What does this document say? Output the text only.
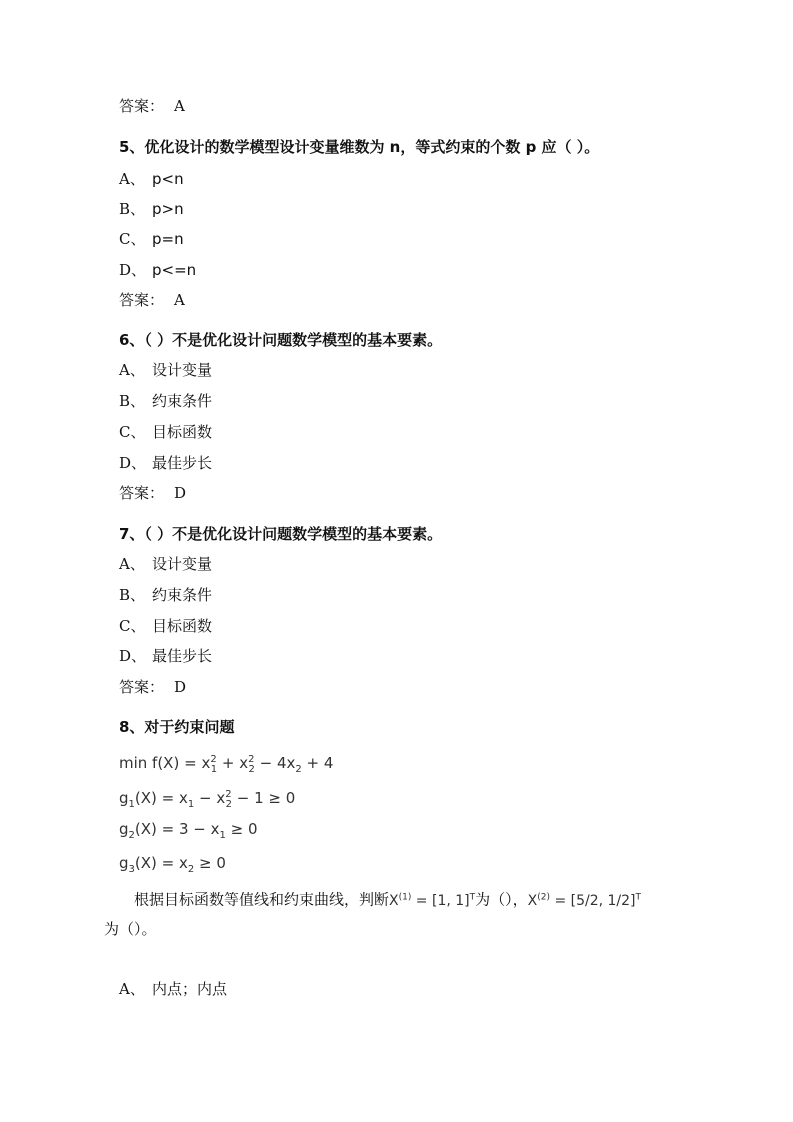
答案： A
5、优化设计的数学模型设计变量维数为 n，等式约束的个数 p 应（ ）。
A、 p<n
B、 p>n
C、 p=n
D、 p<=n
答案： A
6、（ ）不是优化设计问题数学模型的基本要素。
A、 设计变量
B、 约束条件
C、 目标函数
D、 最佳步长
答案： D
7、（ ）不是优化设计问题数学模型的基本要素。
A、 设计变量
B、 约束条件
C、 目标函数
D、 最佳步长
答案： D
8、对于约束问题
$\min f(X) = x^2_1 + x^2_2 - 4x_2 + 4$
$g_1(X) = x_1 - x^2_2 - 1 \ge 0$
$g_2(X) = 3 - x_1 \ge 0$
$g_3(X) = x_2 \ge 0$
根据目标函数等值线和约束曲线，判断$X^{(1)} = [1$, 1]$^T$为（），$X^{(2)} = [5/2$, 1/2]$^T$
为（）。
A、 内点；内点
